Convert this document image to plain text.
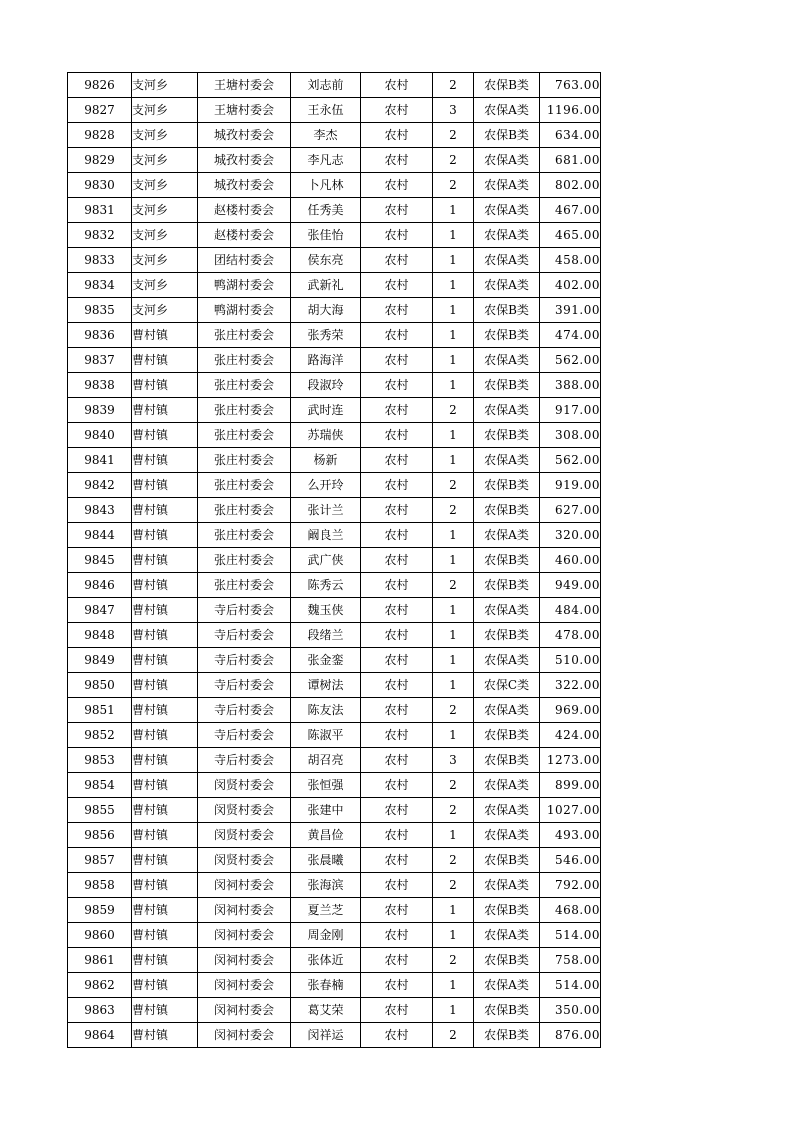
9826	支河乡	王塘村委会	刘志前	农村	2	农保B类	763.00
9827	支河乡	王塘村委会	王永伍	农村	3	农保A类	1196.00
9828	支河乡	城孜村委会	李杰	农村	2	农保B类	634.00
9829	支河乡	城孜村委会	李凡志	农村	2	农保A类	681.00
9830	支河乡	城孜村委会	卜凡林	农村	2	农保A类	802.00
9831	支河乡	赵楼村委会	任秀美	农村	1	农保A类	467.00
9832	支河乡	赵楼村委会	张佳怡	农村	1	农保A类	465.00
9833	支河乡	团结村委会	侯东亮	农村	1	农保A类	458.00
9834	支河乡	鸭湖村委会	武新礼	农村	1	农保A类	402.00
9835	支河乡	鸭湖村委会	胡大海	农村	1	农保B类	391.00
9836	曹村镇	张庄村委会	张秀荣	农村	1	农保B类	474.00
9837	曹村镇	张庄村委会	路海洋	农村	1	农保A类	562.00
9838	曹村镇	张庄村委会	段淑玲	农村	1	农保B类	388.00
9839	曹村镇	张庄村委会	武时连	农村	2	农保A类	917.00
9840	曹村镇	张庄村委会	苏瑞侠	农村	1	农保B类	308.00
9841	曹村镇	张庄村委会	杨新	农村	1	农保A类	562.00
9842	曹村镇	张庄村委会	么开玲	农村	2	农保B类	919.00
9843	曹村镇	张庄村委会	张计兰	农村	2	农保B类	627.00
9844	曹村镇	张庄村委会	阚良兰	农村	1	农保A类	320.00
9845	曹村镇	张庄村委会	武广侠	农村	1	农保B类	460.00
9846	曹村镇	张庄村委会	陈秀云	农村	2	农保B类	949.00
9847	曹村镇	寺后村委会	魏玉侠	农村	1	农保A类	484.00
9848	曹村镇	寺后村委会	段绪兰	农村	1	农保B类	478.00
9849	曹村镇	寺后村委会	张金銮	农村	1	农保A类	510.00
9850	曹村镇	寺后村委会	谭树法	农村	1	农保C类	322.00
9851	曹村镇	寺后村委会	陈友法	农村	2	农保A类	969.00
9852	曹村镇	寺后村委会	陈淑平	农村	1	农保B类	424.00
9853	曹村镇	寺后村委会	胡召亮	农村	3	农保B类	1273.00
9854	曹村镇	闵贤村委会	张恒强	农村	2	农保A类	899.00
9855	曹村镇	闵贤村委会	张建中	农村	2	农保A类	1027.00
9856	曹村镇	闵贤村委会	黄昌俭	农村	1	农保A类	493.00
9857	曹村镇	闵贤村委会	张晨曦	农村	2	农保B类	546.00
9858	曹村镇	闵祠村委会	张海滨	农村	2	农保A类	792.00
9859	曹村镇	闵祠村委会	夏兰芝	农村	1	农保B类	468.00
9860	曹村镇	闵祠村委会	周金刚	农村	1	农保A类	514.00
9861	曹村镇	闵祠村委会	张体近	农村	2	农保B类	758.00
9862	曹村镇	闵祠村委会	张春楠	农村	1	农保A类	514.00
9863	曹村镇	闵祠村委会	葛艾荣	农村	1	农保B类	350.00
9864	曹村镇	闵祠村委会	闵祥运	农村	2	农保B类	876.00
